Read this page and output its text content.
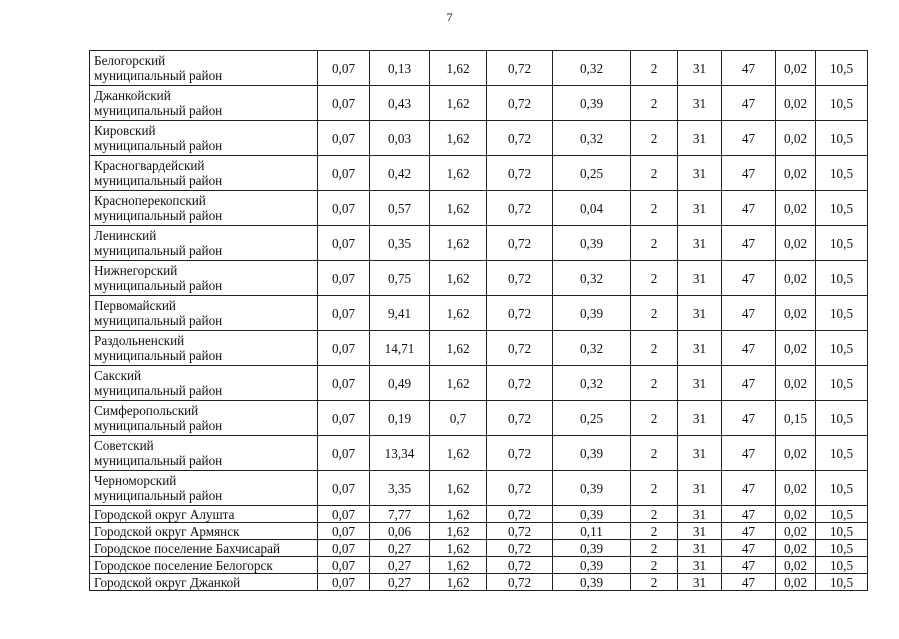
7
Белогорский
муниципальный район	0,07	0,13	1,62	0,72	0,32	2	31	47	0,02	10,5

Джанкойский
муниципальный район	0,07	0,43	1,62	0,72	0,39	2	31	47	0,02	10,5

Кировский
муниципальный район	0,07	0,03	1,62	0,72	0,32	2	31	47	0,02	10,5

Красногвардейский
муниципальный район	0,07	0,42	1,62	0,72	0,25	2	31	47	0,02	10,5

Красноперекопский
муниципальный район	0,07	0,57	1,62	0,72	0,04	2	31	47	0,02	10,5

Ленинский
муниципальный район	0,07	0,35	1,62	0,72	0,39	2	31	47	0,02	10,5

Нижнегорский
муниципальный район	0,07	0,75	1,62	0,72	0,32	2	31	47	0,02	10,5

Первомайский
муниципальный район	0,07	9,41	1,62	0,72	0,39	2	31	47	0,02	10,5

Раздольненский
муниципальный район	0,07	14,71	1,62	0,72	0,32	2	31	47	0,02	10,5

Сакский
муниципальный район	0,07	0,49	1,62	0,72	0,32	2	31	47	0,02	10,5

Симферопольский
муниципальный район	0,07	0,19	0,7	0,72	0,25	2	31	47	0,15	10,5

Советский
муниципальный район	0,07	13,34	1,62	0,72	0,39	2	31	47	0,02	10,5

Черноморский
муниципальный район	0,07	3,35	1,62	0,72	0,39	2	31	47	0,02	10,5

Городской округ Алушта	0,07	7,77	1,62	0,72	0,39	2	31	47	0,02	10,5

Городской округ Армянск	0,07	0,06	1,62	0,72	0,11	2	31	47	0,02	10,5

Городское поселение Бахчисарай	0,07	0,27	1,62	0,72	0,39	2	31	47	0,02	10,5

Городское поселение Белогорск	0,07	0,27	1,62	0,72	0,39	2	31	47	0,02	10,5

Городской округ Джанкой	0,07	0,27	1,62	0,72	0,39	2	31	47	0,02	10,5
